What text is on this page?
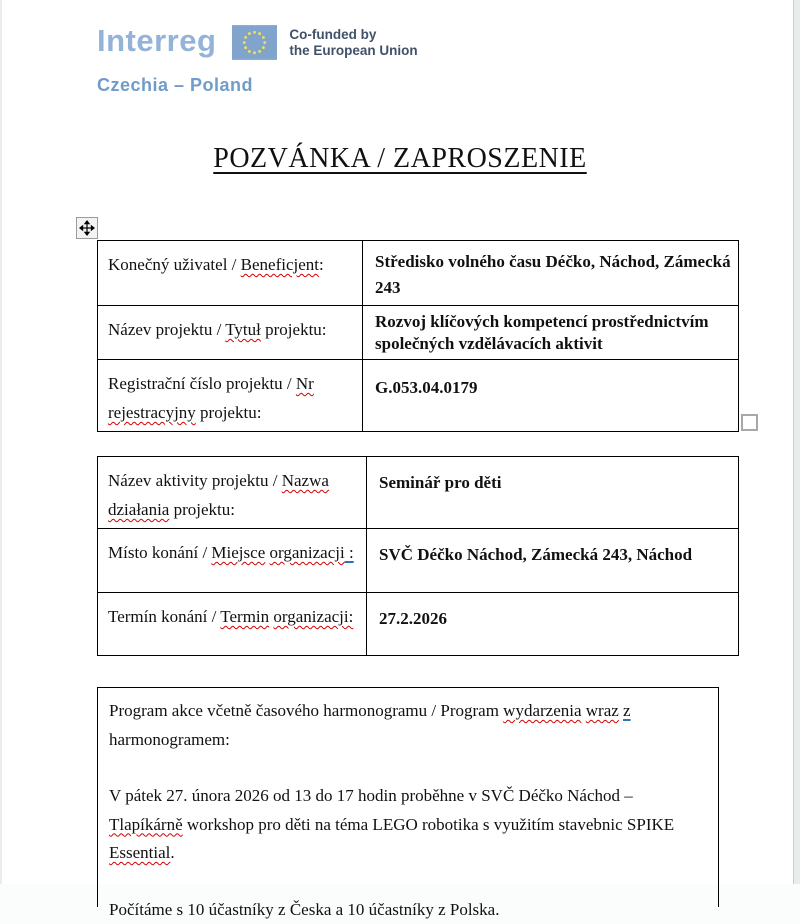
Interreg	Co-funded by
the European Union
Czechia – Poland
POZVÁNKA / ZAPROSZENIE
Konečný uživatel / Beneficjent:	Středisko volného času Déčko, Náchod, Zámecká 243
Název projektu / Tytuł projektu:	Rozvoj klíčových kompetencí prostřednictvím společných vzdělávacích aktivit
Registrační číslo projektu / Nr rejestracyjny projektu:	G.053.04.0179
Název aktivity projektu / Nazwa działania projektu:	Seminář pro děti
Místo konání / Miejsce organizacji :	SVČ Déčko Náchod, Zámecká 243, Náchod
Termín konání / Termin organizacji:	27.2.2026

Program akce včetně časového harmonogramu / Program wydarzenia wraz z harmonogramem:

V pátek 27. února 2026 od 13 do 17 hodin proběhne v SVČ Déčko Náchod – Tlapíkárně workshop pro děti na téma LEGO robotika s využitím stavebnic SPIKE Essential.

Počítáme s 10 účastníky z Česka a 10 účastníky z Polska.
